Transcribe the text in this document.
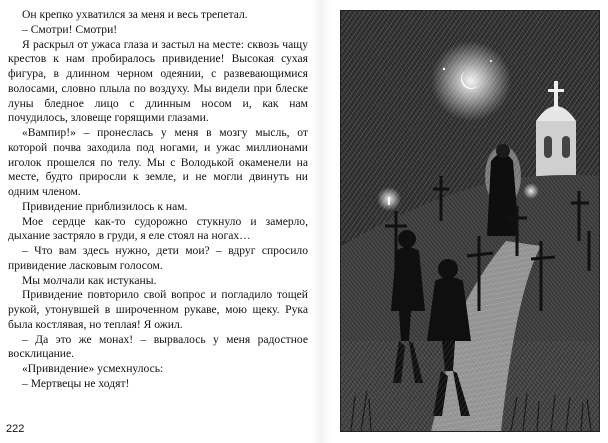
Он крепко ухватился за меня и весь трепетал.

– Смотри! Смотри!

Я раскрыл от ужаса глаза и застыл на месте: сквозь чащу крестов к нам пробиралось привидение! Высокая сухая фигура, в длинном черном одеянии, с развевающимися волосами, словно плыла по воздуху. Мы видели при блеске луны бледное лицо с длинным носом и, как нам почудилось, зловеще горящими глазами.

«Вампир!» – пронеслась у меня в мозгу мысль, от которой почва заходила под ногами, и ужас миллионами иголок прошелся по телу. Мы с Володькой окаменели на месте, будто приросли к земле, и не могли двинуть ни одним членом.

Привидение приблизилось к нам.

Мое сердце как-то судорожно стукнуло и замерло, дыхание застряло в груди, я еле стоял на ногах…

– Что вам здесь нужно, дети мои? – вдруг спросило привидение ласковым голосом.

Мы молчали как истуканы.

Привидение повторило свой вопрос и погладило тощей рукой, утонувшей в широченном рукаве, мою щеку. Рука была костлявая, но теплая! Я ожил.

– Да это же монах! – вырвалось у меня радостное восклицание.

«Привидение» усмехнулось:

– Мертвецы не ходят!

222
